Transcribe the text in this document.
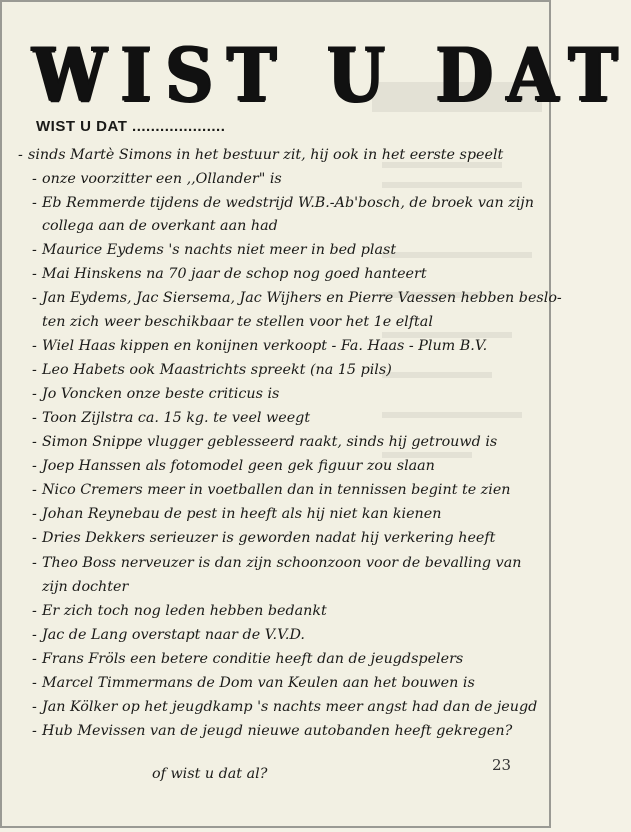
WIST U DAT
WIST U DAT ....................
- sinds Martè Simons in het bestuur zit, hij ook in het eerste speelt
- onze voorzitter een ,,Ollander" is
- Eb Remmerde tijdens de wedstrijd W.B.-Ab'bosch, de broek van zijn
collega aan de overkant aan had
- Maurice Eydems 's nachts niet meer in bed plast
- Mai Hinskens na 70 jaar de schop nog goed hanteert
- Jan Eydems, Jac Siersema, Jac Wijhers en Pierre Vaessen hebben beslo-
ten zich weer beschikbaar te stellen voor het 1e elftal
- Wiel Haas kippen en konijnen verkoopt - Fa. Haas - Plum B.V.
- Leo Habets ook Maastrichts spreekt (na 15 pils)
- Jo Voncken onze beste criticus is
- Toon Zijlstra ca. 15 kg. te veel weegt
- Simon Snippe vlugger geblesseerd raakt, sinds hij getrouwd is
- Joep Hanssen als fotomodel geen gek figuur zou slaan
- Nico Cremers meer in voetballen dan in tennissen begint te zien
- Johan Reynebau de pest in heeft als hij niet kan kienen
- Dries Dekkers serieuzer is geworden nadat hij verkering heeft
- Theo Boss nerveuzer is dan zijn schoonzoon voor de bevalling van
zijn dochter
- Er zich toch nog leden hebben bedankt
- Jac de Lang overstapt naar de V.V.D.
- Frans Fröls een betere conditie heeft dan de jeugdspelers
- Marcel Timmermans de Dom van Keulen aan het bouwen is
- Jan Kölker op het jeugdkamp 's nachts meer angst had dan de jeugd
- Hub Mevissen van de jeugd nieuwe autobanden heeft gekregen?
of wist u dat al?	23
